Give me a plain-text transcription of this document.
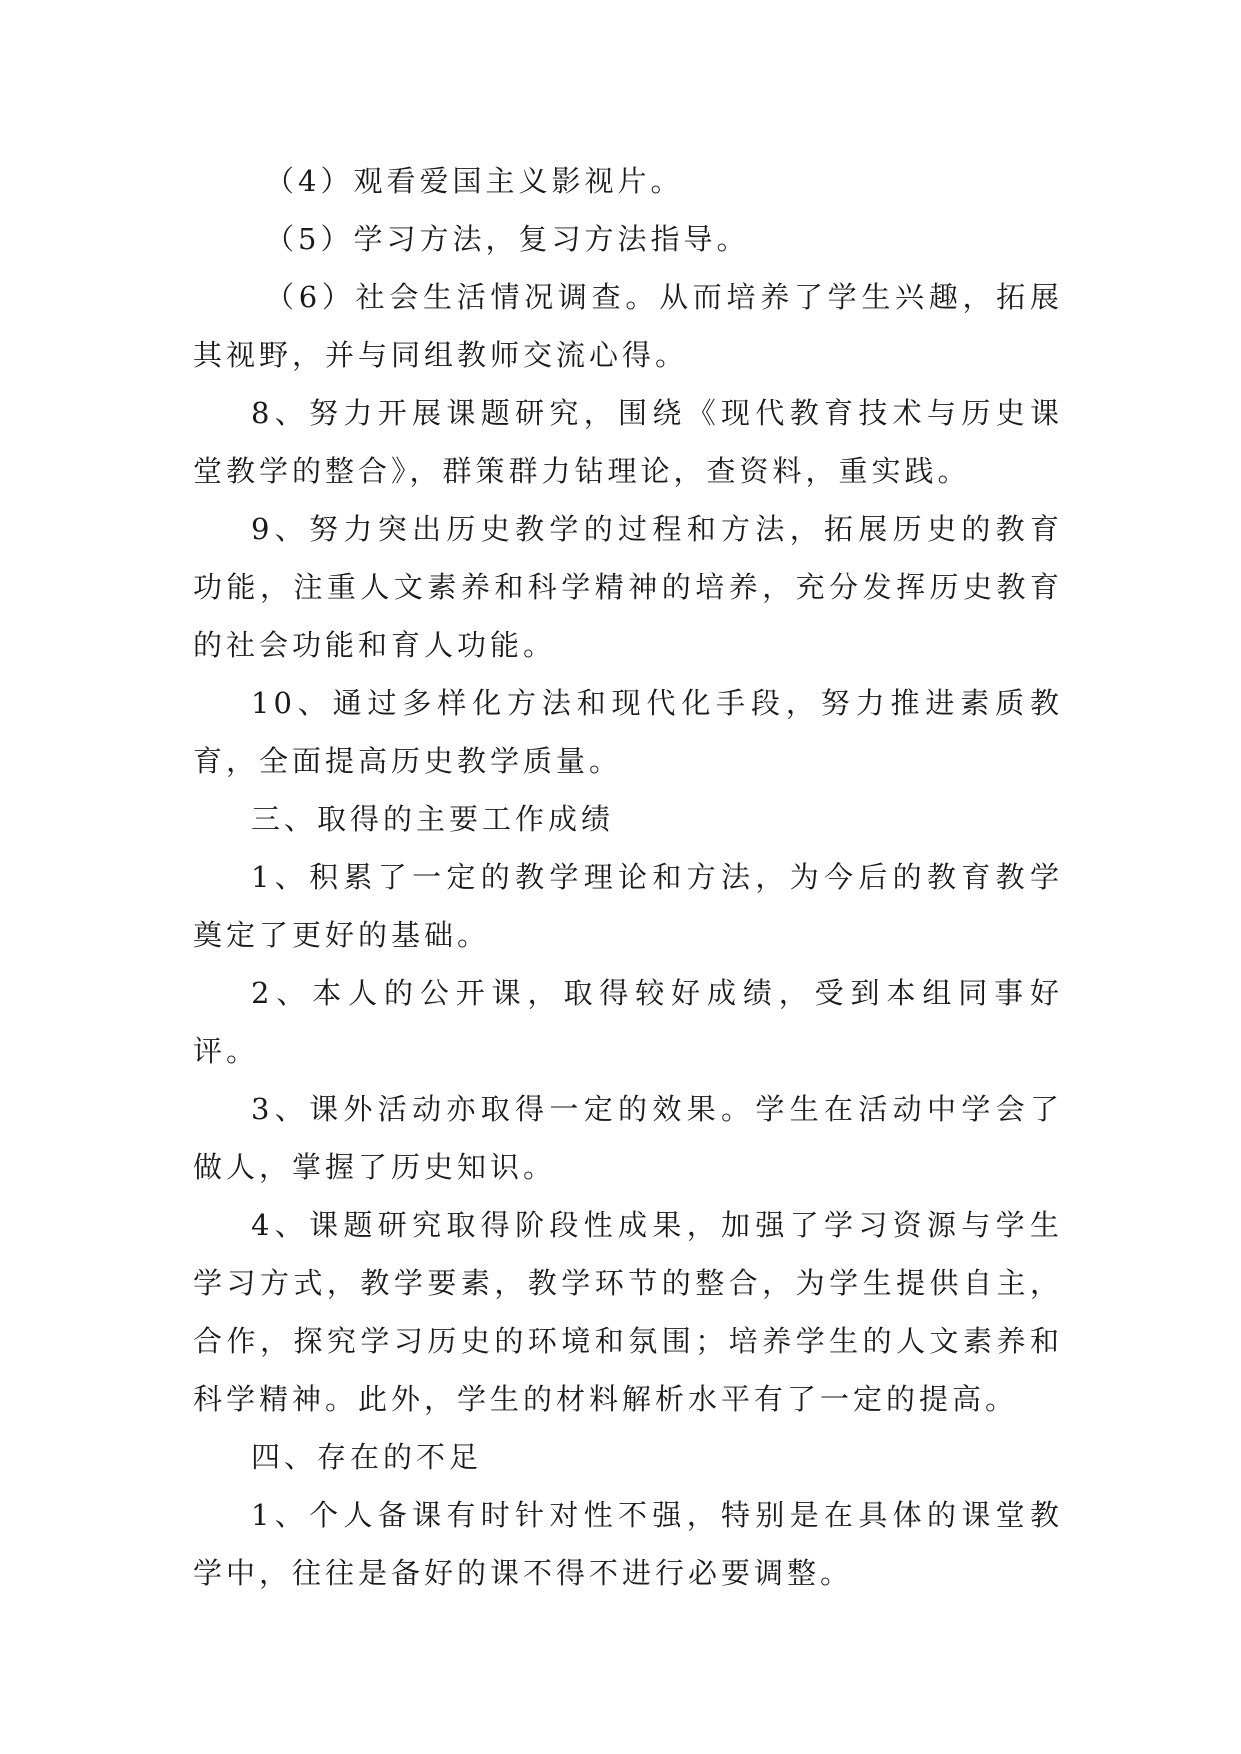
（4）观看爱国主义影视片。

（5）学习方法，复习方法指导。

（6）社会生活情况调查。从而培养了学生兴趣，拓展其视野，并与同组教师交流心得。

8、努力开展课题研究，围绕《现代教育技术与历史课堂教学的整合》，群策群力钻理论，查资料，重实践。

9、努力突出历史教学的过程和方法，拓展历史的教育功能，注重人文素养和科学精神的培养，充分发挥历史教育的社会功能和育人功能。

10、通过多样化方法和现代化手段，努力推进素质教育，全面提高历史教学质量。

三、取得的主要工作成绩

1、积累了一定的教学理论和方法，为今后的教育教学奠定了更好的基础。

2、本人的公开课，取得较好成绩，受到本组同事好评。

3、课外活动亦取得一定的效果。学生在活动中学会了做人，掌握了历史知识。

4、课题研究取得阶段性成果，加强了学习资源与学生学习方式，教学要素，教学环节的整合，为学生提供自主，合作，探究学习历史的环境和氛围；培养学生的人文素养和科学精神。此外，学生的材料解析水平有了一定的提高。

四、存在的不足

1、个人备课有时针对性不强，特别是在具体的课堂教学中，往往是备好的课不得不进行必要调整。
